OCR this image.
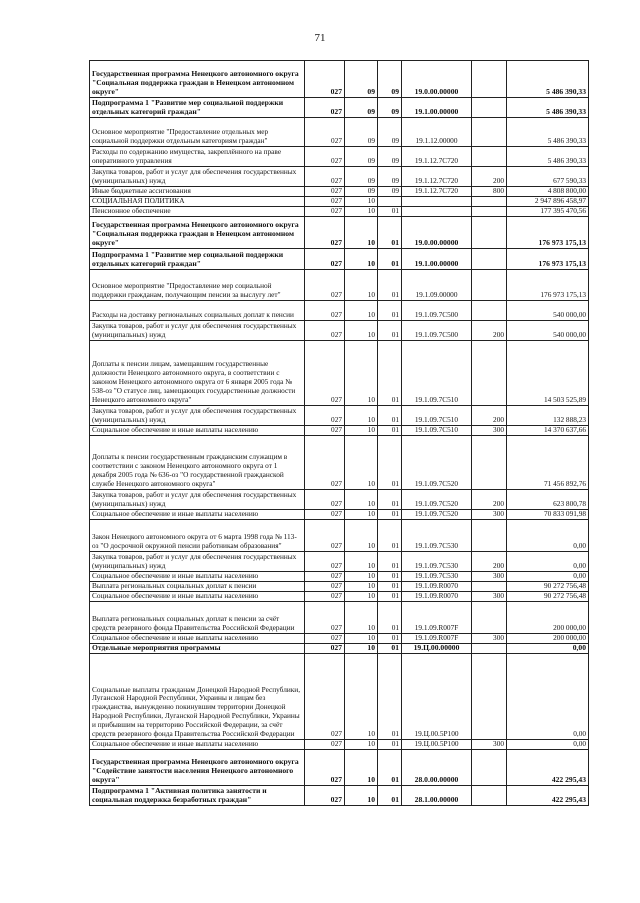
71
Государственная программа Ненецкого автономного округа "Социальная поддержка граждан в Ненецком автономном округе"	027	09	09	19.0.00.00000		5 486 390,33
Подпрограмма 1 "Развитие мер социальной поддержки отдельных категорий граждан"	027	09	09	19.1.00.00000		5 486 390,33
Основное мероприятие "Предоставление отдельных мер социальной поддержки отдельным категориям граждан"	027	09	09	19.1.12.00000		5 486 390,33
Расходы по содержанию имущества, закреплённого на праве оперативного управления	027	09	09	19.1.12.7С720		5 486 390,33
Закупка товаров, работ и услуг для обеспечения государственных (муниципальных) нужд	027	09	09	19.1.12.7С720	200	677 590,33
Иные бюджетные ассигнования	027	09	09	19.1.12.7С720	800	4 808 800,00
СОЦИАЛЬНАЯ ПОЛИТИКА	027	10				2 947 896 458,97
Пенсионное обеспечение	027	10	01			177 395 470,56
Государственная программа Ненецкого автономного округа "Социальная поддержка граждан в Ненецком автономном округе"	027	10	01	19.0.00.00000		176 973 175,13
Подпрограмма 1 "Развитие мер социальной поддержки отдельных категорий граждан"	027	10	01	19.1.00.00000		176 973 175,13
Основное мероприятие "Предоставление мер социальной поддержки гражданам, получающим пенсии за выслугу лет"	027	10	01	19.1.09.00000		176 973 175,13
Расходы на доставку региональных социальных доплат к пенсии	027	10	01	19.1.09.7С500		540 000,00
Закупка товаров, работ и услуг для обеспечения государственных (муниципальных) нужд	027	10	01	19.1.09.7С500	200	540 000,00
Доплаты к пенсии лицам, замещавшим государственные должности Ненецкого автономного округа, в соответствии с законом Ненецкого автономного округа от 6 января 2005 года № 538-оз "О статусе лиц, замещающих государственные должности Ненецкого автономного округа"	027	10	01	19.1.09.7С510		14 503 525,89
Закупка товаров, работ и услуг для обеспечения государственных (муниципальных) нужд	027	10	01	19.1.09.7С510	200	132 888,23
Социальное обеспечение и иные выплаты населению	027	10	01	19.1.09.7С510	300	14 370 637,66
Доплаты к пенсии государственным гражданским служащим в соответствии с законом Ненецкого автономного округа от 1 декабря 2005 года № 636-оз "О государственной гражданской службе Ненецкого автономного округа"	027	10	01	19.1.09.7С520		71 456 892,76
Закупка товаров, работ и услуг для обеспечения государственных (муниципальных) нужд	027	10	01	19.1.09.7С520	200	623 800,78
Социальное обеспечение и иные выплаты населению	027	10	01	19.1.09.7С520	300	70 833 091,98
Закон Ненецкого автономного округа от 6 марта 1998 года № 113-оз "О досрочной окружной пенсии работникам образования"	027	10	01	19.1.09.7С530		0,00
Закупка товаров, работ и услуг для обеспечения государственных (муниципальных) нужд	027	10	01	19.1.09.7С530	200	0,00
Социальное обеспечение и иные выплаты населению	027	10	01	19.1.09.7С530	300	0,00
Выплата региональных социальных доплат к пенсии	027	10	01	19.1.09.R0070		90 272 756,48
Социальное обеспечение и иные выплаты населению	027	10	01	19.1.09.R0070	300	90 272 756,48
Выплата региональных социальных доплат к пенсии за счёт средств резервного фонда Правительства Российской Федерации	027	10	01	19.1.09.R007F		200 000,00
Социальное обеспечение и иные выплаты населению	027	10	01	19.1.09.R007F	300	200 000,00
Отдельные мероприятия программы	027	10	01	19.Ц.00.00000		0,00
Социальные выплаты гражданам Донецкой Народной Республики, Луганской Народной Республики, Украины и лицам без гражданства, вынужденно покинувшим территории Донецкой Народной Республики, Луганской Народной Республики, Украины и прибывшим на территорию Российской Федерации, за счёт средств резервного фонда Правительства Российской Федерации	027	10	01	19.Ц.00.5Р100		0,00
Социальное обеспечение и иные выплаты населению	027	10	01	19.Ц.00.5Р100	300	0,00
Государственная программа Ненецкого автономного округа "Содействие занятости населения Ненецкого автономного округа"	027	10	01	28.0.00.00000		422 295,43
Подпрограмма 1 "Активная политика занятости и социальная поддержка безработных граждан"	027	10	01	28.1.00.00000		422 295,43
